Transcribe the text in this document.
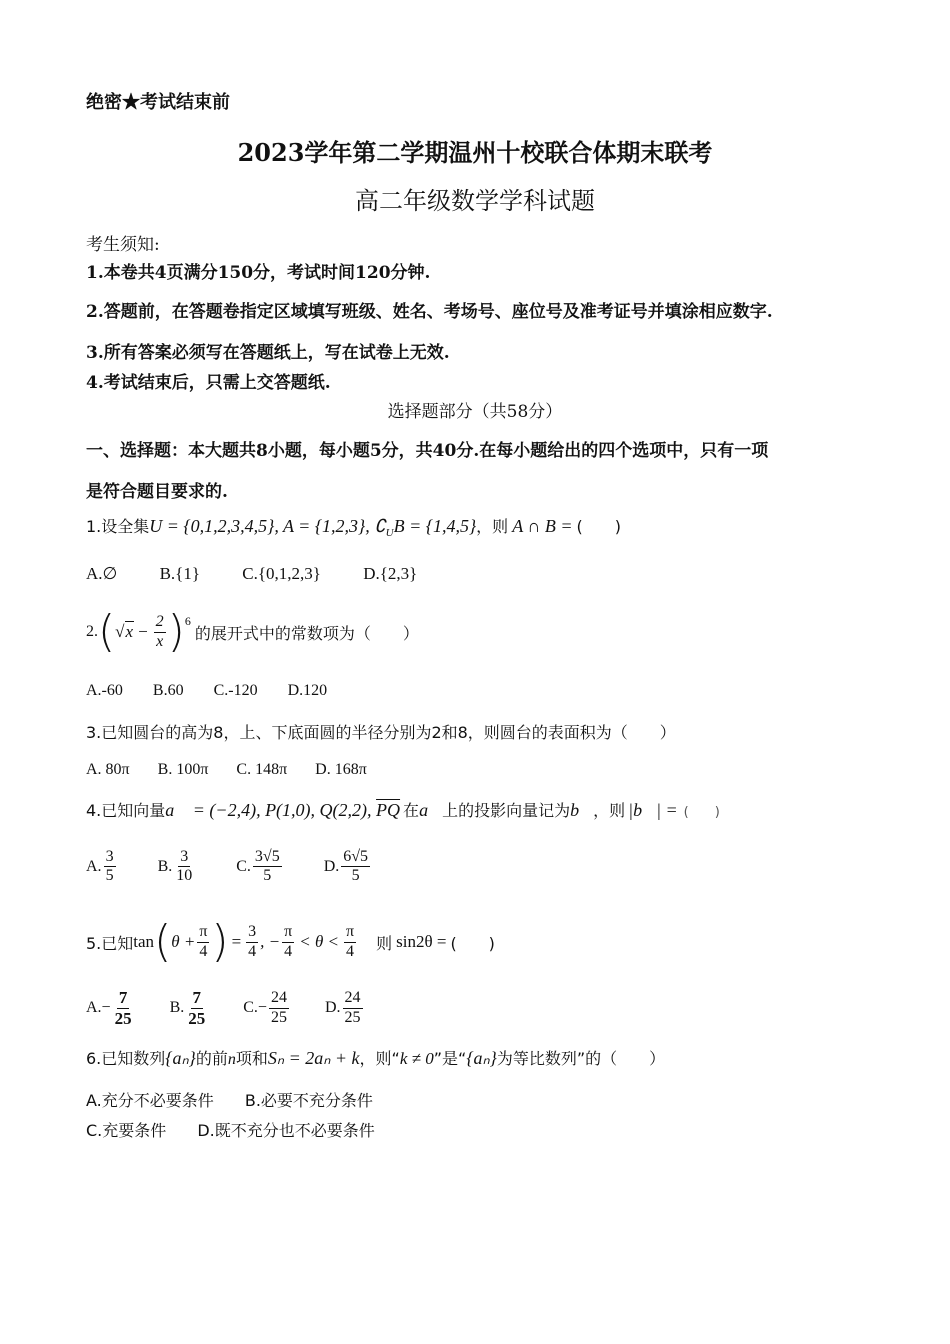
绝密★考试结束前
2023学年第二学期温州十校联合体期末联考
高二年级数学学科试题
考生须知:
1.本卷共4页满分150分，考试时间120分钟.
2.答题前，在答题卷指定区域填写班级、姓名、考场号、座位号及准考证号并填涂相应数字.
3.所有答案必须写在答题纸上，写在试卷上无效.
4.考试结束后，只需上交答题纸.
选择题部分（共58分）
一、选择题：本大题共8小题，每小题5分，共40分.在每小题给出的四个选项中，只有一项
是符合题目要求的.
1.设全集U = {0,1,2,3,4,5}, A = {1,2,3}, $∁_UB = \{1,4,5\}$，则 A ∩ B = (　　)
A.∅ B.{1} C.{0,1,2,3} D.{2,3}
2. ( $√x - \frac{2}{x} )^6$
的展开式中的常数项为（　　）
A.-60 B.60 C.-120 D.120
3.已知圆台的高为8，上、下底面圆的半径分别为2和8，则圆台的表面积为（　　）
A. 80π B. 100π C. 148π D. 168π
4.已知向量a⃗ = (−2,4), P(1,0), Q(2,2), $\overline{PQ}$ 在a⃗上的投影向量记为b⃗，则 |b⃗| = (　　)
A. $\frac{3}{5}$	B. $\frac{3}{10}$	C. $\frac{3√5}{5}$	D. $\frac{6√5}{5}$
5.已知 tan ( $\theta + \frac{\pi}{4}$ ) = $\frac{3}{4}$ , − $\frac{\pi}{4} < \theta < \frac{\pi}{4}$ 则 sin2θ = (　　)
$A.- \frac{7}{25} B$. $\frac{7}{25} C.- \frac{24}{25} D$. $\frac{24}{25}$
6.已知数列{aₙ}的前n项和Sₙ = 2aₙ + k，则“k ≠ 0”是“{aₙ}为等比数列”的（　　）
A.充分不必要条件 B.必要不充分条件
C.充要条件 D.既不充分也不必要条件
